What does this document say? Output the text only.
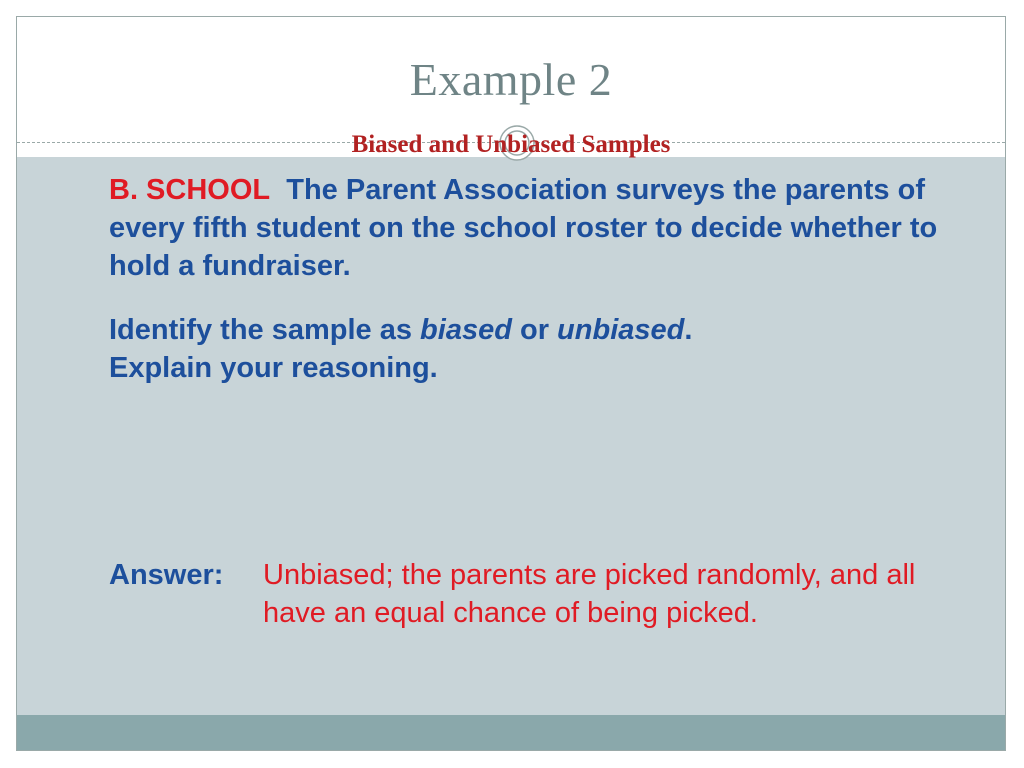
Example 2
Biased and Unbiased Samples
B. SCHOOL The Parent Association surveys the parents of every fifth student on the school roster to decide whether to hold a fundraiser.
Identify the sample as biased or unbiased.
Explain your reasoning.
Answer: Unbiased; the parents are picked randomly, and all have an equal chance of being picked.
